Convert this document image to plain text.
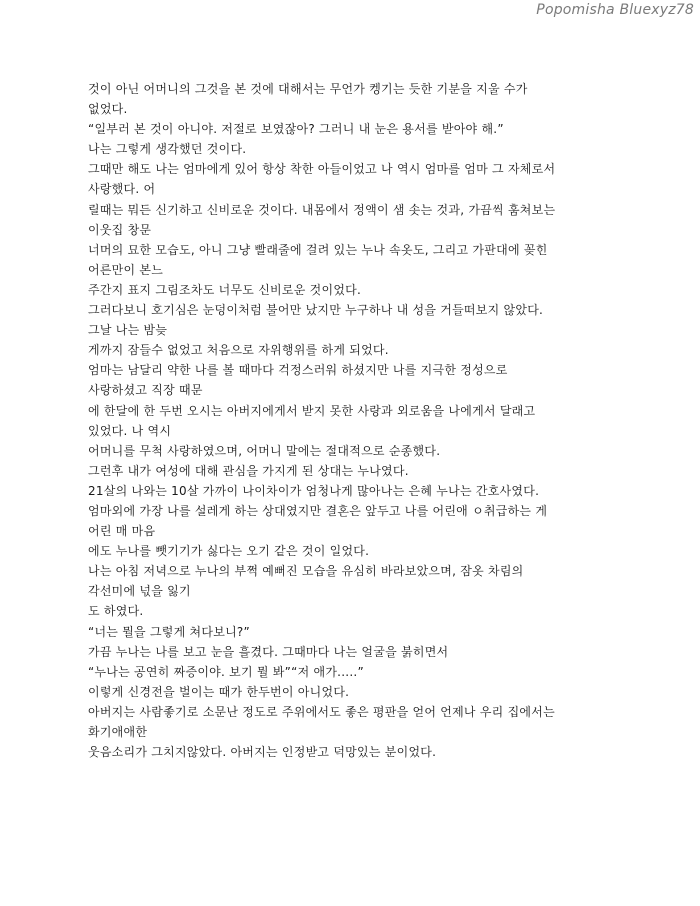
Popomisha Bluexyz78
것이 아닌 어머니의 그것을 본 것에 대해서는 무언가 켕기는 듯한 기분을 지울 수가
없었다.
“일부러 본 것이 아니야. 저절로 보였잖아? 그러니 내 눈은 용서를 받아야 해.”
나는 그렇게 생각했던 것이다.
그때만 해도 나는 엄마에게 있어 항상 착한 아들이었고 나 역시 엄마를 엄마 그 자체로서
사랑했다. 어
릴때는 뭐든 신기하고 신비로운 것이다. 내몸에서 정액이 샘 솟는 것과, 가끔씩 훔쳐보는
이웃집 창문
너머의 묘한 모습도, 아니 그냥 빨래줄에 걸려 있는 누나 속옷도, 그리고 가판대에 꽂힌
어른만이 본느
주간지 표지 그림조차도 너무도 신비로운 것이었다.
그러다보니 호기심은 눈덩이처럼 불어만 났지만 누구하나 내 성을 거들떠보지 않았다.
그날 나는 밤늦
게까지 잠들수 없었고 처음으로 자위행위를 하게 되었다.
엄마는 남달리 약한 나를 볼 때마다 걱정스러워 하셨지만 나를 지극한 정성으로
사랑하셨고 직장 때문
에 한달에 한 두번 오시는 아버지에게서 받지 못한 사랑과 외로움을 나에게서 달래고
있었다. 나 역시
어머니를 무척 사랑하였으며, 어머니 말에는 절대적으로 순종했다.
그런후 내가 여성에 대해 관심을 가지게 된 상대는 누나였다.
21살의 나와는 10살 가까이 나이차이가 엄청나게 많아나는 은혜 누나는 간호사였다.
엄마외에 가장 나를 설레게 하는 상대였지만 결혼은 앞두고 나를 어린애 ㅇ취급하는 게
어린 매 마음
에도 누나를 뺏기기가 싫다는 오기 같은 것이 일었다.
나는 아침 저녁으로 누나의 부쩍 예뻐진 모습을 유심히 바라보았으며, 잠옷 차림의
각선미에 넋을 잃기
도 하였다.
“너는 뭘을 그렇게 쳐다보니?”
가끔 누나는 나를 보고 눈을 흘겼다. 그때마다 나는 얼굴을 붉히면서
“누나는 공연히 짜증이야. 보기 뭘 봐”“저 애가.....”
이렇게 신경전을 벌이는 때가 한두번이 아니었다.
아버지는 사람좋기로 소문난 정도로 주위에서도 좋은 평판을 얻어 언제나 우리 집에서는
화기애애한
웃음소리가 그치지않았다. 아버지는 인정받고 덕망있는 분이었다.
